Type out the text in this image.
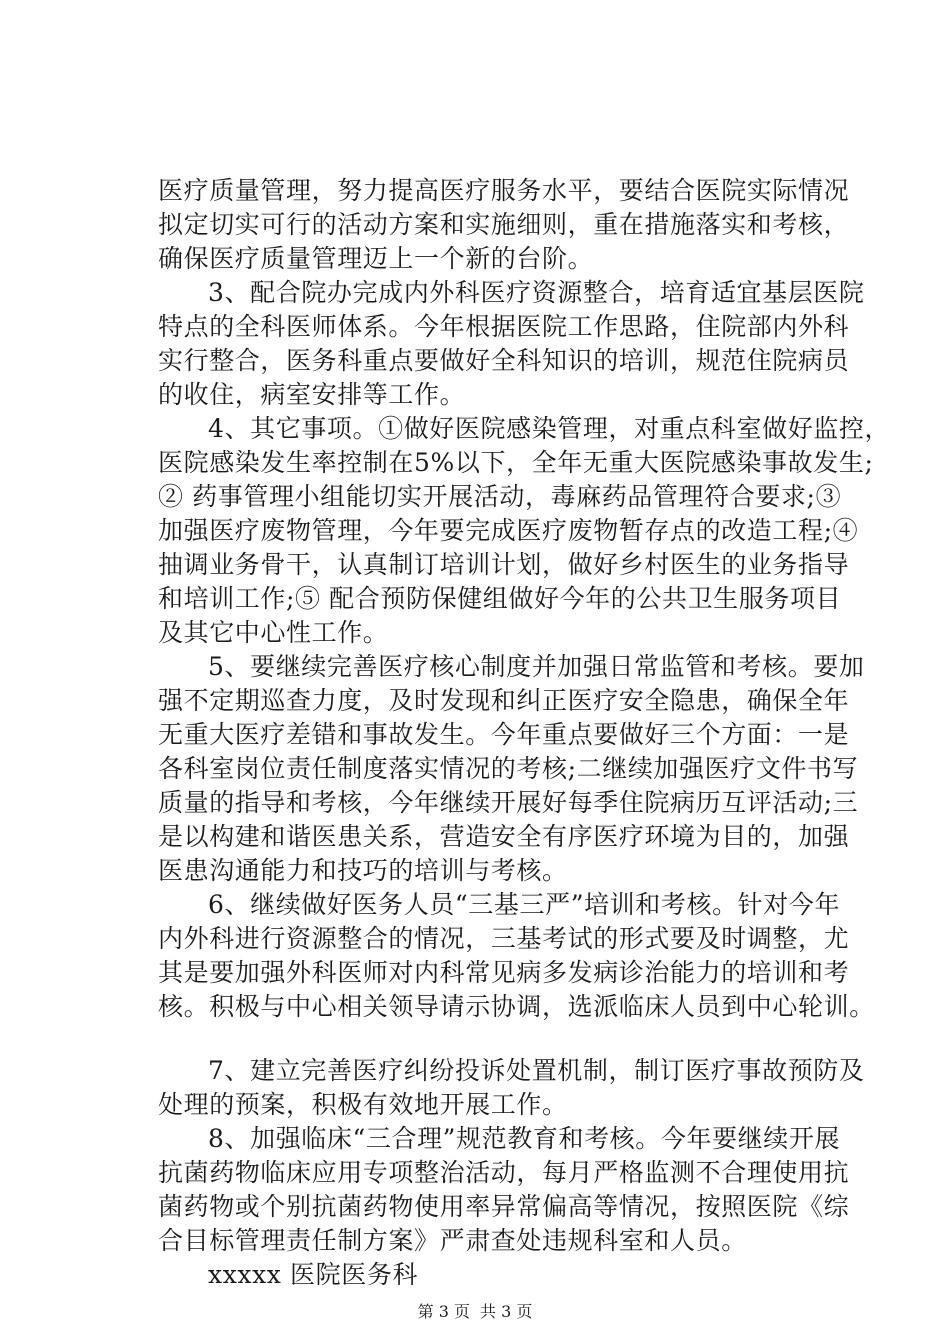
医疗质量管理，努力提高医疗服务水平，要结合医院实际情况
拟定切实可行的活动方案和实施细则，重在措施落实和考核，
确保医疗质量管理迈上一个新的台阶。
3、配合院办完成内外科医疗资源整合，培育适宜基层医院
特点的全科医师体系。今年根据医院工作思路，住院部内外科
实行整合，医务科重点要做好全科知识的培训，规范住院病员
的收住，病室安排等工作。
4、其它事项。①做好医院感染管理，对重点科室做好监控，
医院感染发生率控制在5%以下，全年无重大医院感染事故发生;
② 药事管理小组能切实开展活动，毒麻药品管理符合要求;③
加强医疗废物管理，今年要完成医疗废物暂存点的改造工程;④
抽调业务骨干，认真制订培训计划，做好乡村医生的业务指导
和培训工作;⑤ 配合预防保健组做好今年的公共卫生服务项目
及其它中心性工作。
5、要继续完善医疗核心制度并加强日常监管和考核。要加
强不定期巡查力度，及时发现和纠正医疗安全隐患，确保全年
无重大医疗差错和事故发生。今年重点要做好三个方面：一是
各科室岗位责任制度落实情况的考核;二继续加强医疗文件书写
质量的指导和考核，今年继续开展好每季住院病历互评活动;三
是以构建和谐医患关系，营造安全有序医疗环境为目的，加强
医患沟通能力和技巧的培训与考核。
6、继续做好医务人员“三基三严”培训和考核。针对今年
内外科进行资源整合的情况，三基考试的形式要及时调整，尤
其是要加强外科医师对内科常见病多发病诊治能力的培训和考
核。积极与中心相关领导请示协调，选派临床人员到中心轮训。
7、建立完善医疗纠纷投诉处置机制，制订医疗事故预防及
处理的预案，积极有效地开展工作。
8、加强临床“三合理”规范教育和考核。今年要继续开展
抗菌药物临床应用专项整治活动，每月严格监测不合理使用抗
菌药物或个别抗菌药物使用率异常偏高等情况，按照医院《综
合目标管理责任制方案》严肃查处违规科室和人员。
xxxxx 医院医务科
第 3 页 共 3 页
